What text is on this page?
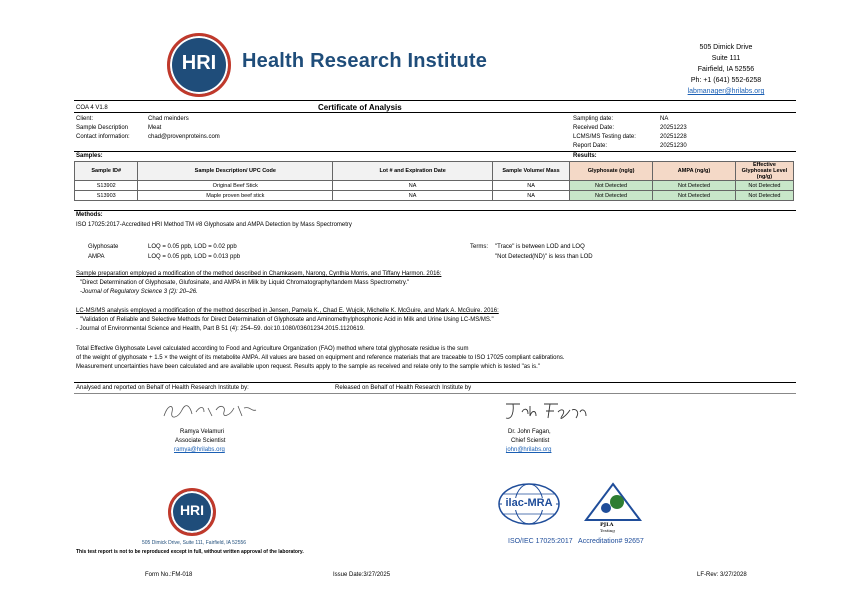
HRI	Health Research Institute
505 Dimick Drive
Suite 111
Fairfield, IA 52556
Ph: +1 (641) 552-6258
labmanager@hrilabs.org
COA 4 V1.8	Certificate of Analysis
Client:	Chad meinders
Sample Description	Meat
Contact information:	chad@provenproteins.com
Sampling date:	NA
Received Date:	20251223
LCMS/MS Testing date:	20251228
Report Date:	20251230
Samples:	Results:
Sample ID#	Sample Description/ UPC Code	Lot # and Expiration Date	Sample Volume/ Mass	Glyphosate (ng/g)	AMPA (ng/g)	Effective Glyphosate Level (ng/g)
S13902	Original Beef Stick	NA	NA	Not Detected	Not Detected	Not Detected
S13903	Maple proven beef stick	NA	NA	Not Detected	Not Detected	Not Detected
Methods:
ISO 17025:2017-Accredited HRI Method TM #8 Glyphosate and AMPA Detection by Mass Spectrometry
Glyphosate	LOQ = 0.05 ppb, LOD = 0.02 ppb
AMPA	LOQ = 0.05 ppb, LOD = 0.013 ppb
Terms: "Trace" is between LOD and LOQ
"Not Detected(ND)" is less than LOD
Sample preparation employed a modification of the method described in Chamkasem, Narong, Cynthia Morris, and Tiffany Harmon. 2016:
"Direct Determination of Glyphosate, Glufosinate, and AMPA in Milk by Liquid Chromatography/tandem Mass Spectrometry."
-Journal of Regulatory Science 3 (2): 20–26.
LC-MS/MS analysis employed a modification of the method described in Jensen, Pamela K., Chad E. Wujcik, Michelle K. McGuire, and Mark A. McGuire. 2016:
"Validation of Reliable and Selective Methods for Direct Determination of Glyphosate and Aminomethylphosphonic Acid in Milk and Urine Using LC-MS/MS."
- Journal of Environmental Science and Health, Part B 51 (4): 254–59. doi:10.1080/03601234.2015.1120619.
Total Effective Glyphosate Level calculated according to Food and Agriculture Organization (FAO) method where total glyphosate residue is the sum
of the weight of glyphosate + 1.5 × the weight of its metabolite AMPA. All values are based on equipment and reference materials that are traceable to ISO 17025 compliant calibrations.
Measurement uncertainties have been calculated and are available upon request. Results apply to the sample as received and relate only to the sample which is tested "as is."
Analysed and reported on Behalf of Health Research Institute by:	Released on Behalf of Health Research Institute by
Ramya Velamuri
Associate Scientist
ramya@hrilabs.org
Dr. John Fagan,
Chief Scientist
john@hrilabs.org
HRI
505 Dimick Drive, Suite 111, Fairfield, IA 52556
This test report is not to be reproduced except in full, without written approval of the laboratory.
ilac-MRA
PJLA
Testing
ISO/IEC 17025:2017   Accreditation# 92657
Form No.:FM-018	Issue Date:3/27/2025	LF-Rev: 3/27/2028
